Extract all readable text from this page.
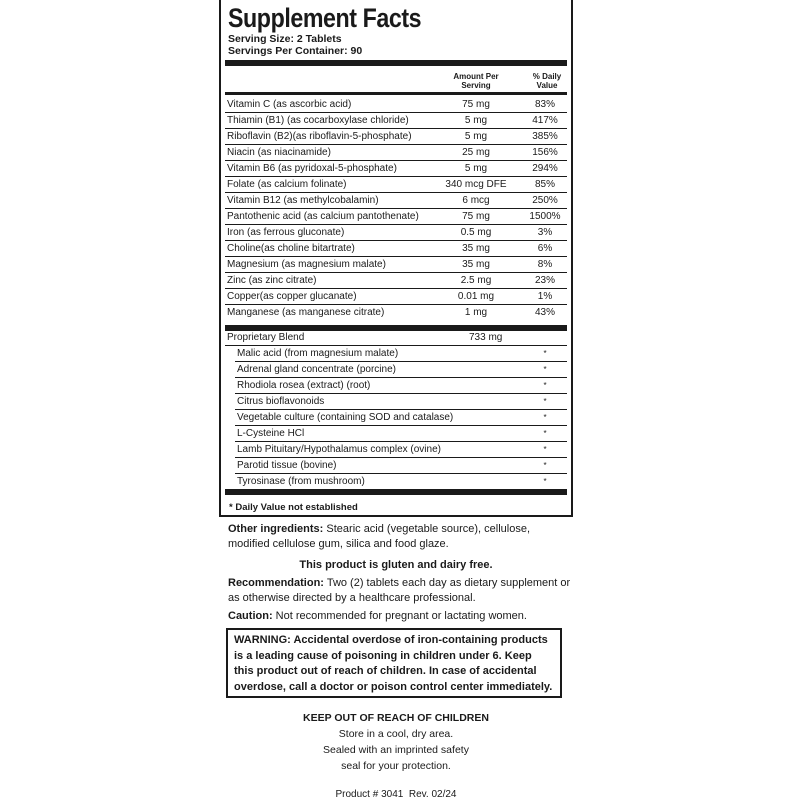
Supplement Facts
Serving Size: 2 Tablets
Servings Per Container: 90
Amount Per
Serving
% Daily
Value
Vitamin C (as ascorbic acid)	75 mg	83%
Thiamin (B1) (as cocarboxylase chloride)	5 mg	417%
Riboflavin (B2)(as riboflavin-5-phosphate)	5 mg	385%
Niacin (as niacinamide)	25 mg	156%
Vitamin B6 (as pyridoxal-5-phosphate)	5 mg	294%
Folate (as calcium folinate)	340 mcg DFE	85%
Vitamin B12 (as methylcobalamin)	6 mcg	250%
Pantothenic acid (as calcium pantothenate)	75 mg	1500%
Iron (as ferrous gluconate)	0.5 mg	3%
Choline(as choline bitartrate)	35 mg	6%
Magnesium (as magnesium malate)	35 mg	8%
Zinc (as zinc citrate)	2.5 mg	23%
Copper(as copper glucanate)	0.01 mg	1%
Manganese (as manganese citrate)	1 mg	43%
Proprietary Blend	733 mg
Malic acid (from magnesium malate)	*
Adrenal gland concentrate (porcine)	*
Rhodiola rosea (extract) (root)	*
Citrus bioflavonoids	*
Vegetable culture (containing SOD and catalase)	*
L-Cysteine HCl	*
Lamb Pituitary/Hypothalamus complex (ovine)	*
Parotid tissue (bovine)	*
Tyrosinase (from mushroom)	*
* Daily Value not established
Other ingredients: Stearic acid (vegetable source), cellulose, modified cellulose gum, silica and food glaze.
This product is gluten and dairy free.
Recommendation: Two (2) tablets each day as dietary supplement or as otherwise directed by a healthcare professional.
Caution: Not recommended for pregnant or lactating women.
WARNING: Accidental overdose of iron-containing products is a leading cause of poisoning in children under 6. Keep this product out of reach of children. In case of accidental overdose, call a doctor or poison control center immediately.
KEEP OUT OF REACH OF CHILDREN
Store in a cool, dry area.
Sealed with an imprinted safety
seal for your protection.
Product # 3041  Rev. 02/24
